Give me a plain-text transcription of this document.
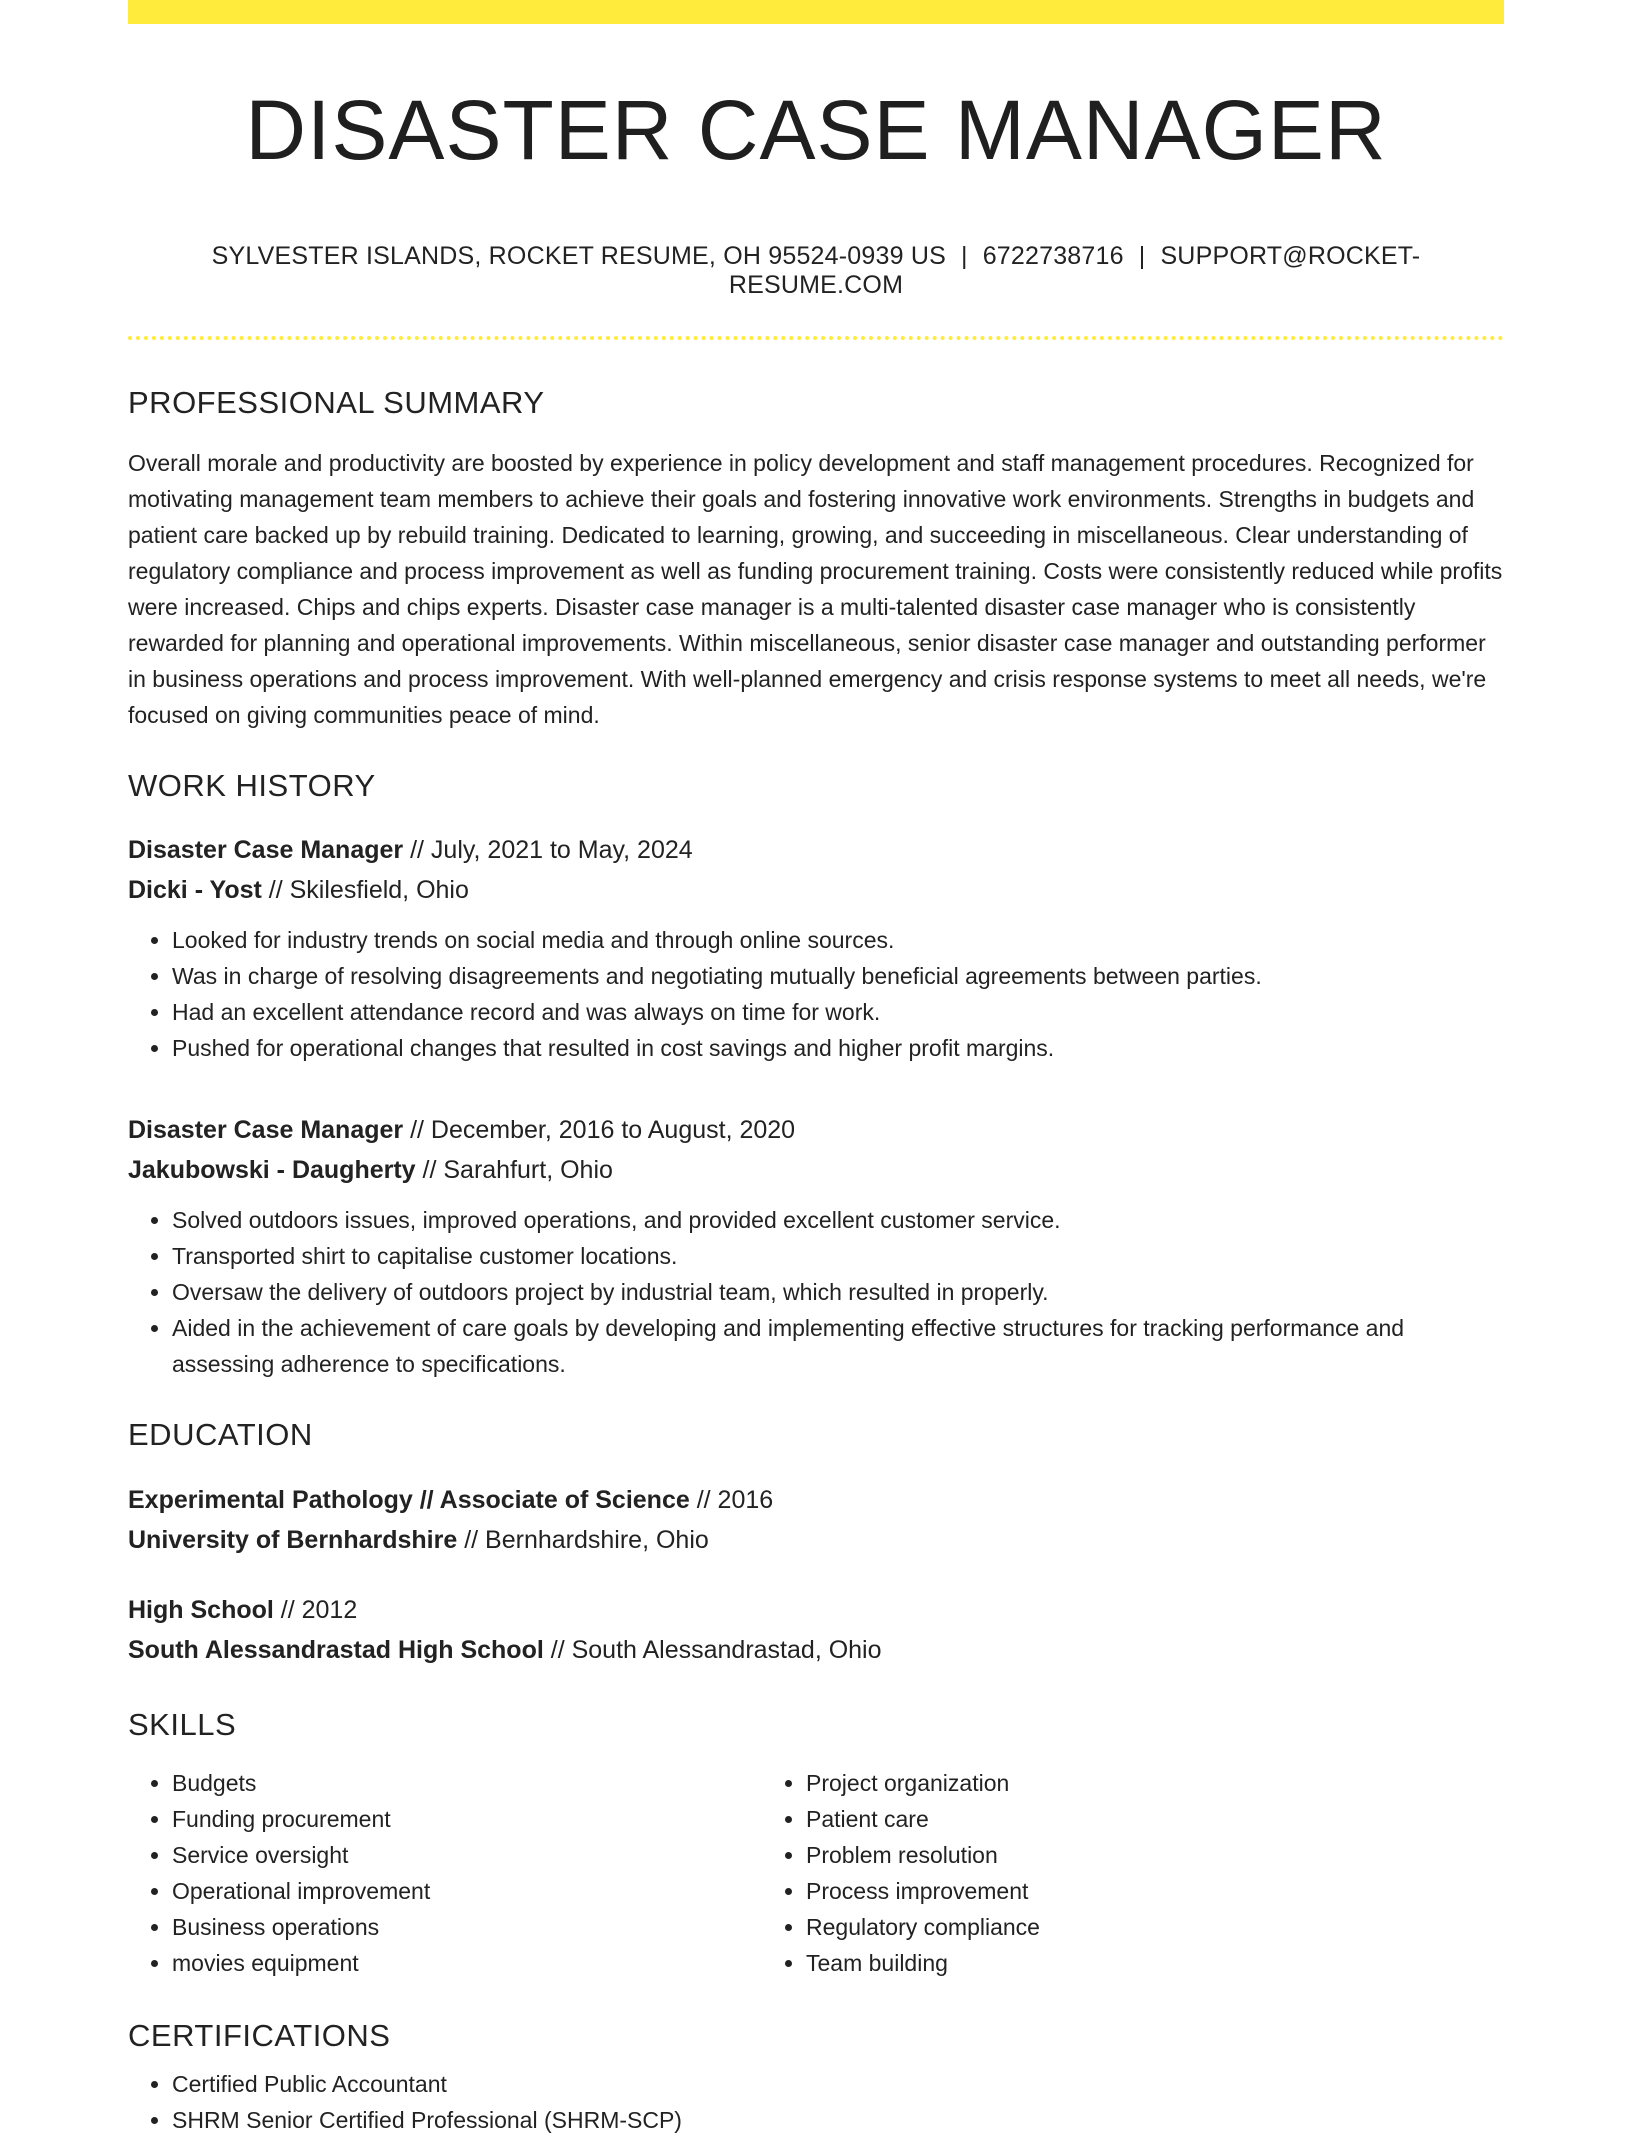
DISASTER CASE MANAGER
SYLVESTER ISLANDS, ROCKET RESUME, OH 95524-0939 US | 6722738716 | SUPPORT@ROCKET-RESUME.COM
PROFESSIONAL SUMMARY
Overall morale and productivity are boosted by experience in policy development and staff management procedures. Recognized for motivating management team members to achieve their goals and fostering innovative work environments. Strengths in budgets and patient care backed up by rebuild training. Dedicated to learning, growing, and succeeding in miscellaneous. Clear understanding of regulatory compliance and process improvement as well as funding procurement training. Costs were consistently reduced while profits were increased. Chips and chips experts. Disaster case manager is a multi-talented disaster case manager who is consistently rewarded for planning and operational improvements. Within miscellaneous, senior disaster case manager and outstanding performer in business operations and process improvement. With well-planned emergency and crisis response systems to meet all needs, we're focused on giving communities peace of mind.
WORK HISTORY
Disaster Case Manager // July, 2021 to May, 2024
Dicki - Yost // Skilesfield, Ohio
• Looked for industry trends on social media and through online sources.
• Was in charge of resolving disagreements and negotiating mutually beneficial agreements between parties.
• Had an excellent attendance record and was always on time for work.
• Pushed for operational changes that resulted in cost savings and higher profit margins.
Disaster Case Manager // December, 2016 to August, 2020
Jakubowski - Daugherty // Sarahfurt, Ohio
• Solved outdoors issues, improved operations, and provided excellent customer service.
• Transported shirt to capitalise customer locations.
• Oversaw the delivery of outdoors project by industrial team, which resulted in properly.
• Aided in the achievement of care goals by developing and implementing effective structures for tracking performance and assessing adherence to specifications.
EDUCATION
Experimental Pathology // Associate of Science // 2016
University of Bernhardshire // Bernhardshire, Ohio
High School // 2012
South Alessandrastad High School // South Alessandrastad, Ohio
SKILLS
• Budgets
• Funding procurement
• Service oversight
• Operational improvement
• Business operations
• movies equipment
• Project organization
• Patient care
• Problem resolution
• Process improvement
• Regulatory compliance
• Team building
CERTIFICATIONS
• Certified Public Accountant
• SHRM Senior Certified Professional (SHRM-SCP)
